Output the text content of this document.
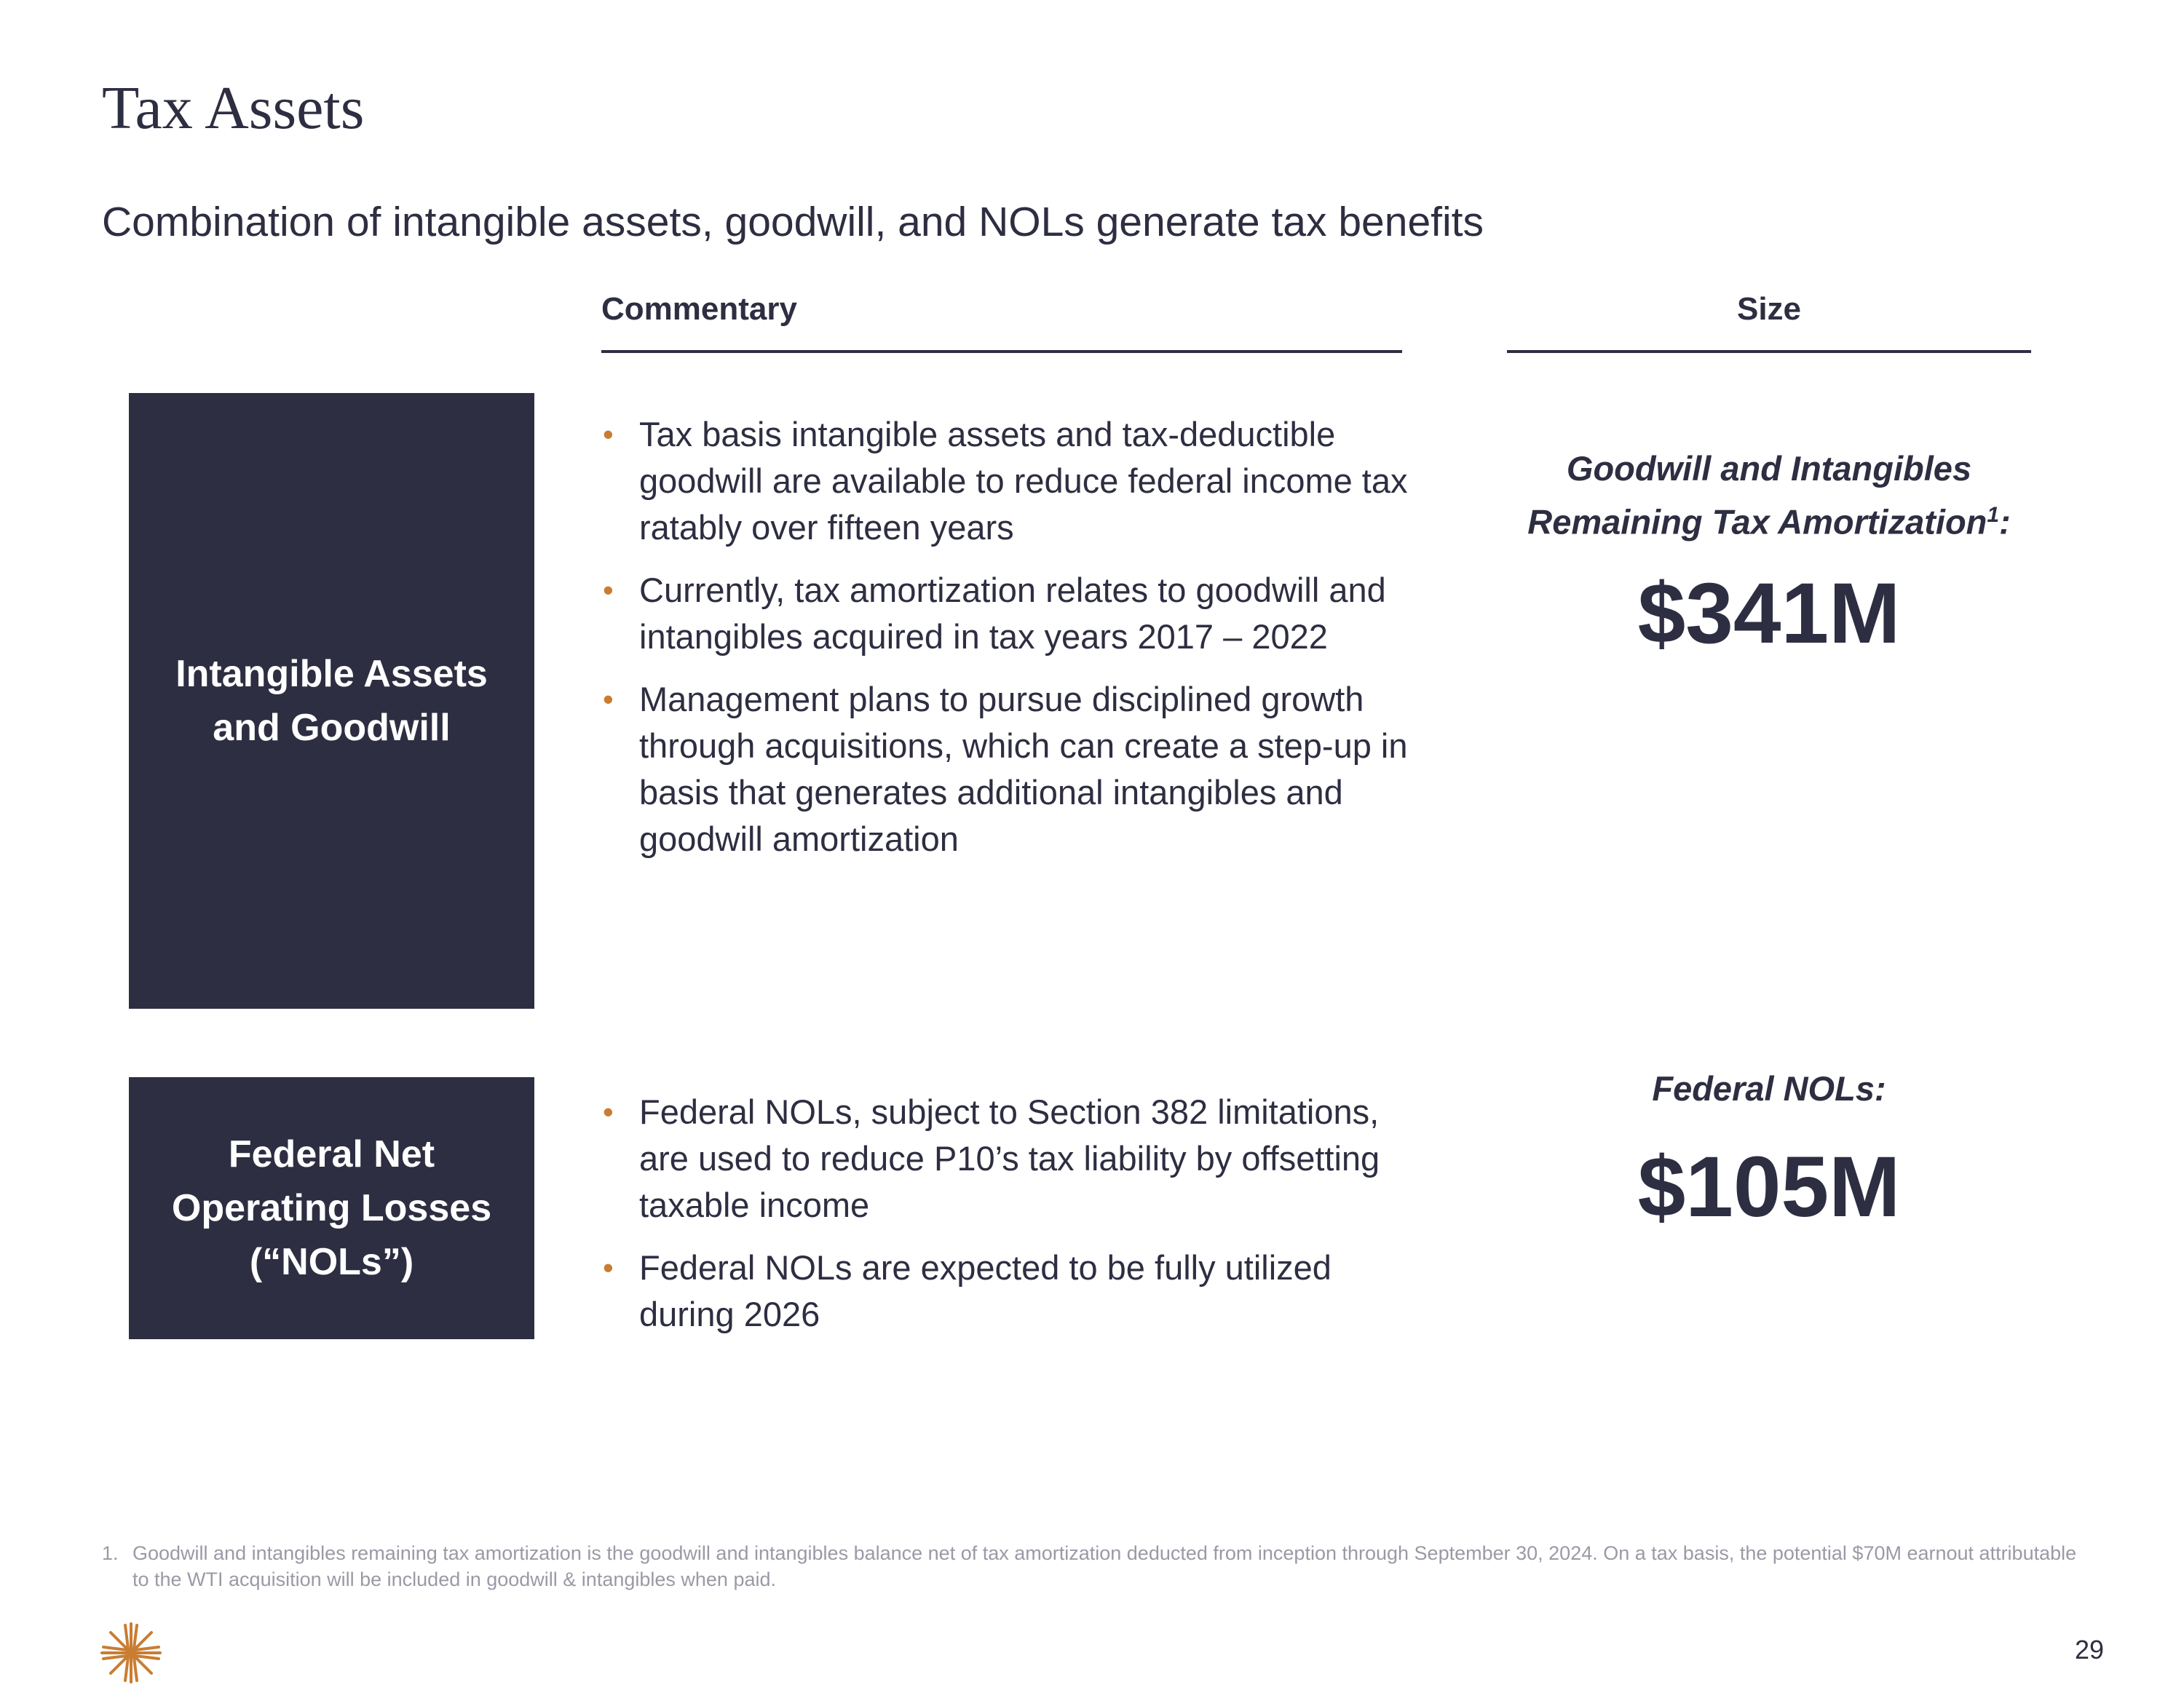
Tax Assets
Combination of intangible assets, goodwill, and NOLs generate tax benefits
Commentary	Size
Intangible Assets
and Goodwill
• Tax basis intangible assets and tax-deductible goodwill are available to reduce federal income tax ratably over fifteen years
• Currently, tax amortization relates to goodwill and intangibles acquired in tax years 2017 – 2022
• Management plans to pursue disciplined growth through acquisitions, which can create a step-up in basis that generates additional intangibles and goodwill amortization
Goodwill and Intangibles
Remaining Tax Amortization$^1$:
$341M
Federal Net
Operating Losses
(“NOLs”)
• Federal NOLs, subject to Section 382 limitations, are used to reduce P10’s tax liability by offsetting taxable income
• Federal NOLs are expected to be fully utilized during 2026
Federal NOLs:
$105M
1. Goodwill and intangibles remaining tax amortization is the goodwill and intangibles balance net of tax amortization deducted from inception through September 30, 2024. On a tax basis, the potential $70M earnout attributable to the WTI acquisition will be included in goodwill & intangibles when paid.
29
